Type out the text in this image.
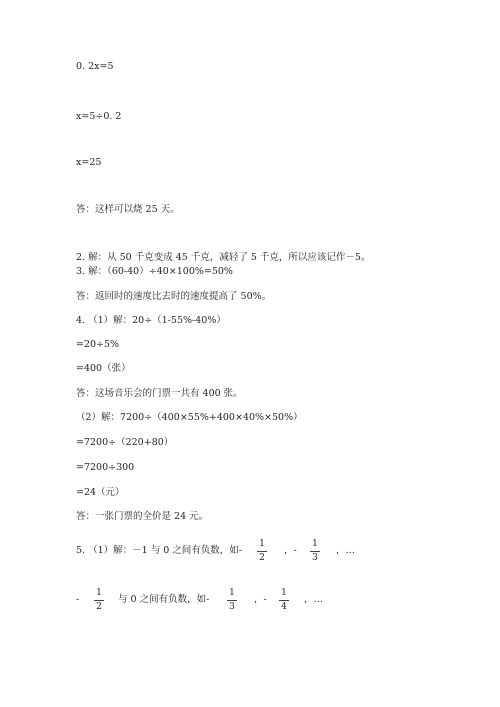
0. 2x=5
x=5÷0. 2
x=25
答：这样可以烧 25 天。
2. 解：从 50 千克变成 45 千克，减轻了 5 千克，所以应该记作－5。
3. 解：（60-40）÷40×100%=50%
答：返回时的速度比去时的速度提高了 50%。
4. （1）解：20÷（1-55%-40%）
=20÷5%
=400（张）
答：这场音乐会的门票一共有 400 张。
（2）解：7200÷（400×55%+400×40%×50%）
=7200÷（220+80）
=7200÷300
=24（元）
答：一张门票的全价是 24 元。
5. （1）解：－1 与 0 之间有负数，如-
1
2
，-
1
3
，…
-
1
2
与 0 之间有负数，如-
1
3
，-
1
4
，…
